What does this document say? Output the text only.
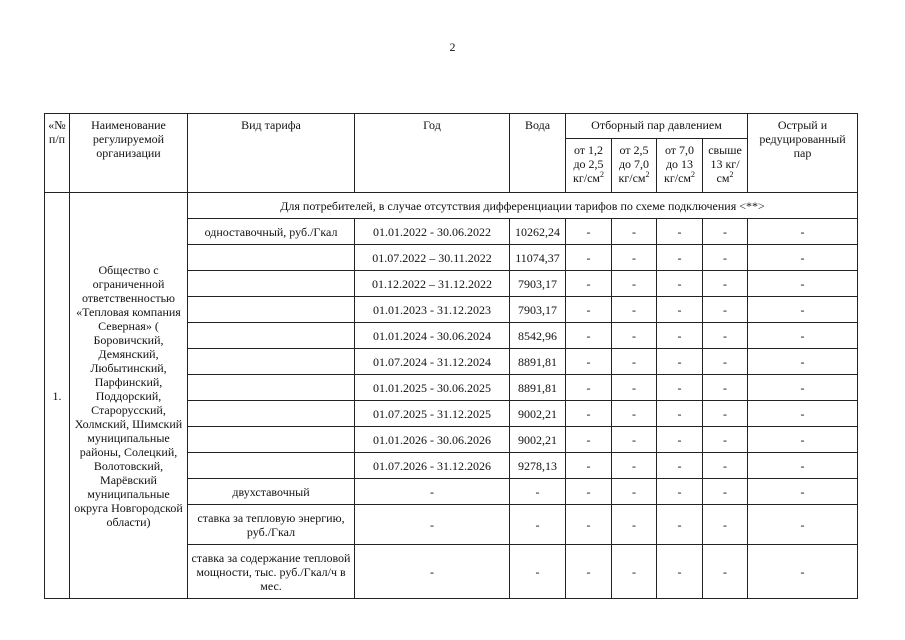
2
«№ п/п	Наименование регулируемой организации	Вид тарифа	Год	Вода	Отборный пар давлением				Острый и редуцированный пар
					от 1,2 до 2,5 $кг/см^2$	от 2,5 до 7,0 $кг/см^2$	от 7,0 до 13 $кг/см^2$	свыше 13 $кг/см^2$
1.	Общество с ограниченной ответственностью «Тепловая компания Северная» ( Боровичский, Демянский, Любытинский, Парфинский, Поддорский, Старорусский, Холмский, Шимский муниципальные районы, Солецкий, Волотовский, Марёвский муниципальные округа Новгородской области)	Для потребителей, в случае отсутствия дифференциации тарифов по схеме подключения <**>							
		одноставочный, руб./Гкал	01.01.2022 - 30.06.2022	10262,24	-	-	-	-	-
			01.07.2022 – 30.11.2022	11074,37	-	-	-	-	-
			01.12.2022 – 31.12.2022	7903,17	-	-	-	-	-
			01.01.2023 - 31.12.2023	7903,17	-	-	-	-	-
			01.01.2024 - 30.06.2024	8542,96	-	-	-	-	-
			01.07.2024 - 31.12.2024	8891,81	-	-	-	-	-
			01.01.2025 - 30.06.2025	8891,81	-	-	-	-	-
			01.07.2025 - 31.12.2025	9002,21	-	-	-	-	-
			01.01.2026 - 30.06.2026	9002,21	-	-	-	-	-
			01.07.2026 - 31.12.2026	9278,13	-	-	-	-	-
		двухставочный	-	-	-	-	-	-	-
		ставка за тепловую энергию, руб./Гкал	-	-	-	-	-	-	-
		ставка за содержание тепловой мощности, тыс. руб./Гкал/ч в мес.	-	-	-	-	-	-	-
